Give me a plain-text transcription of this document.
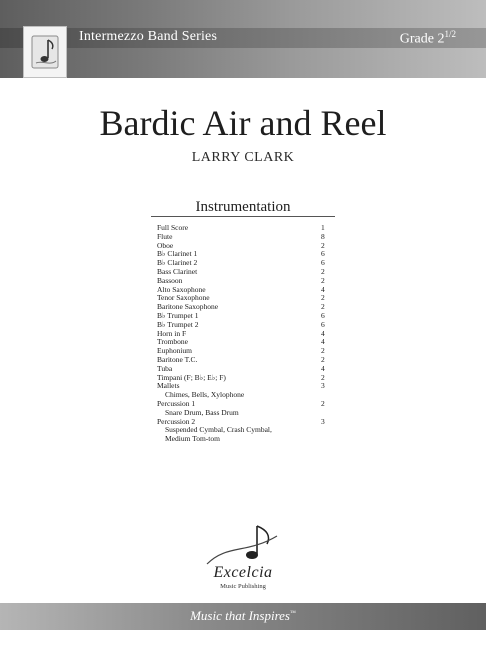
Intermezzo Band Series	Grade $2^{1/2}$
Bardic Air and Reel
LARRY CLARK
Instrumentation
Full Score	1
Flute	8
Oboe	2
B♭ Clarinet 1	6
B♭ Clarinet 2	6
Bass Clarinet	2
Bassoon	2
Alto Saxophone	4
Tenor Saxophone	2
Baritone Saxophone	2
B♭ Trumpet 1	6
B♭ Trumpet 2	6
Horn in F	4
Trombone	4
Euphonium	2
Baritone T.C.	2
Tuba	4
Timpani (F; B♭; E♭; F)	2
Mallets	3
Chimes, Bells, Xylophone
Percussion 1	2
Snare Drum, Bass Drum
Percussion 2	3
Suspended Cymbal, Crash Cymbal,
Medium Tom-tom
Excelcia
Music Publishing
Music that Inspires™
